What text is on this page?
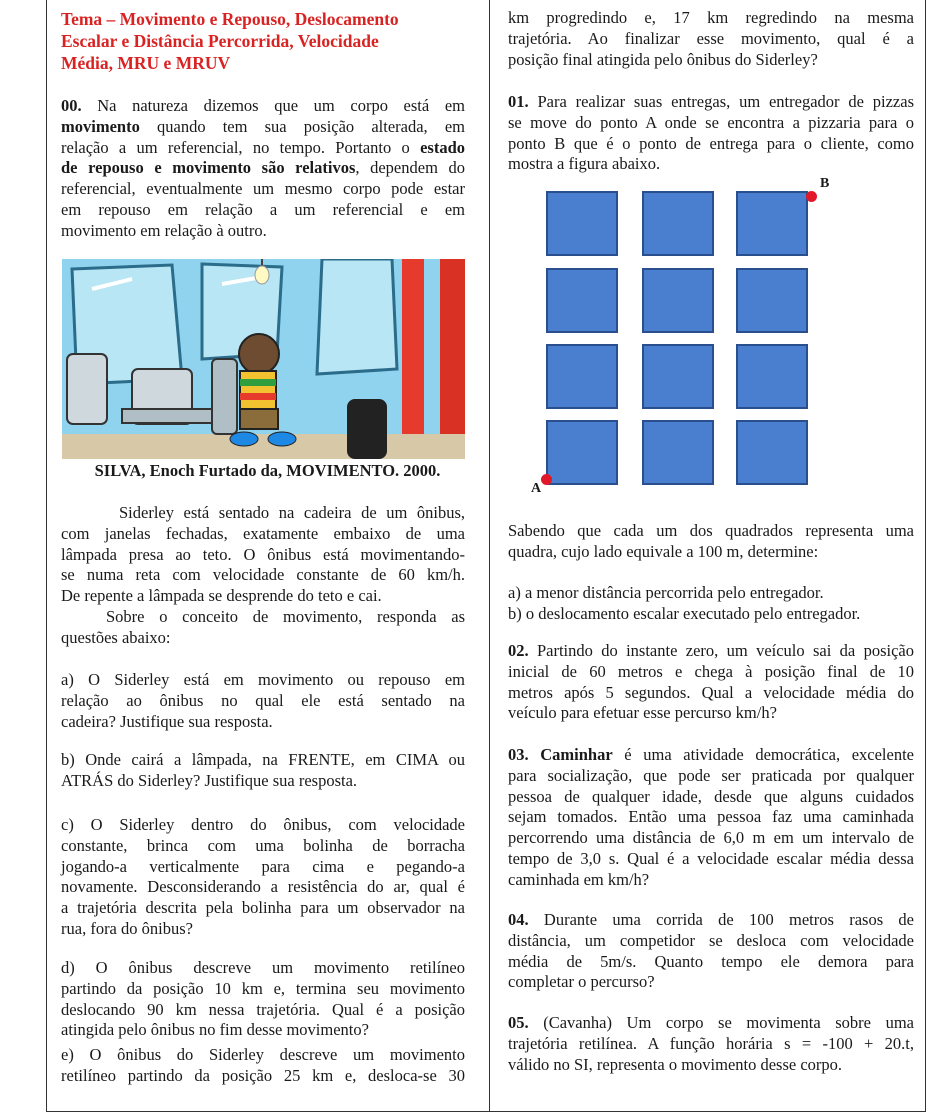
Tema – Movimento e Repouso, Deslocamento
Escalar e Distância Percorrida, Velocidade
Média, MRU e MRUV

00. Na natureza dizemos que um corpo está em

movimento quando tem sua posição alterada, em

relação a um referencial, no tempo. Portanto o estado

de repouso e movimento são relativos, dependem do

referencial, eventualmente um mesmo corpo pode estar

em repouso em relação a um referencial e em

movimento em relação à outro.

SILVA, Enoch Furtado da, MOVIMENTO. 2000.

Siderley está sentado na cadeira de um ônibus,

com janelas fechadas, exatamente embaixo de uma

lâmpada presa ao teto. O ônibus está movimentando-

se numa reta com velocidade constante de 60 km/h.

De repente a lâmpada se desprende do teto e cai.

Sobre o conceito de movimento, responda as

questões abaixo:

a) O Siderley está em movimento ou repouso em

relação ao ônibus no qual ele está sentado na

cadeira? Justifique sua resposta.

b) Onde cairá a lâmpada, na FRENTE, em CIMA ou

ATRÁS do Siderley? Justifique sua resposta.

c) O Siderley dentro do ônibus, com velocidade

constante, brinca com uma bolinha de borracha

jogando-a verticalmente para cima e pegando-a

novamente. Desconsiderando a resistência do ar, qual é

a trajetória descrita pela bolinha para um observador na

rua, fora do ônibus?

d) O ônibus descreve um movimento retilíneo

partindo da posição 10 km e, termina seu movimento

deslocando 90 km nessa trajetória. Qual é a posição

atingida pelo ônibus no fim desse movimento?

e) O ônibus do Siderley descreve um movimento

retilíneo partindo da posição 25 km e, desloca-se 30

km progredindo e, 17 km regredindo na mesma

trajetória. Ao finalizar esse movimento, qual é a

posição final atingida pelo ônibus do Siderley?

01. Para realizar suas entregas, um entregador de pizzas

se move do ponto A onde se encontra a pizzaria para o

ponto B que é o ponto de entrega para o cliente, como

mostra a figura abaixo.

B
A

Sabendo que cada um dos quadrados representa uma

quadra, cujo lado equivale a 100 m, determine:

a) a menor distância percorrida pelo entregador.

b) o deslocamento escalar executado pelo entregador.

02. Partindo do instante zero, um veículo sai da posição

inicial de 60 metros e chega à posição final de 10

metros após 5 segundos. Qual a velocidade média do

veículo para efetuar esse percurso km/h?

03. Caminhar é uma atividade democrática, excelente

para socialização, que pode ser praticada por qualquer

pessoa de qualquer idade, desde que alguns cuidados

sejam tomados. Então uma pessoa faz uma caminhada

percorrendo uma distância de 6,0 m em um intervalo de

tempo de 3,0 s. Qual é a velocidade escalar média dessa

caminhada em km/h?

04. Durante uma corrida de 100 metros rasos de

distância, um competidor se desloca com velocidade

média de 5m/s. Quanto tempo ele demora para

completar o percurso?

05. (Cavanha) Um corpo se movimenta sobre uma

trajetória retilínea. A função horária s = -100 + 20.t,

válido no SI, representa o movimento desse corpo.
